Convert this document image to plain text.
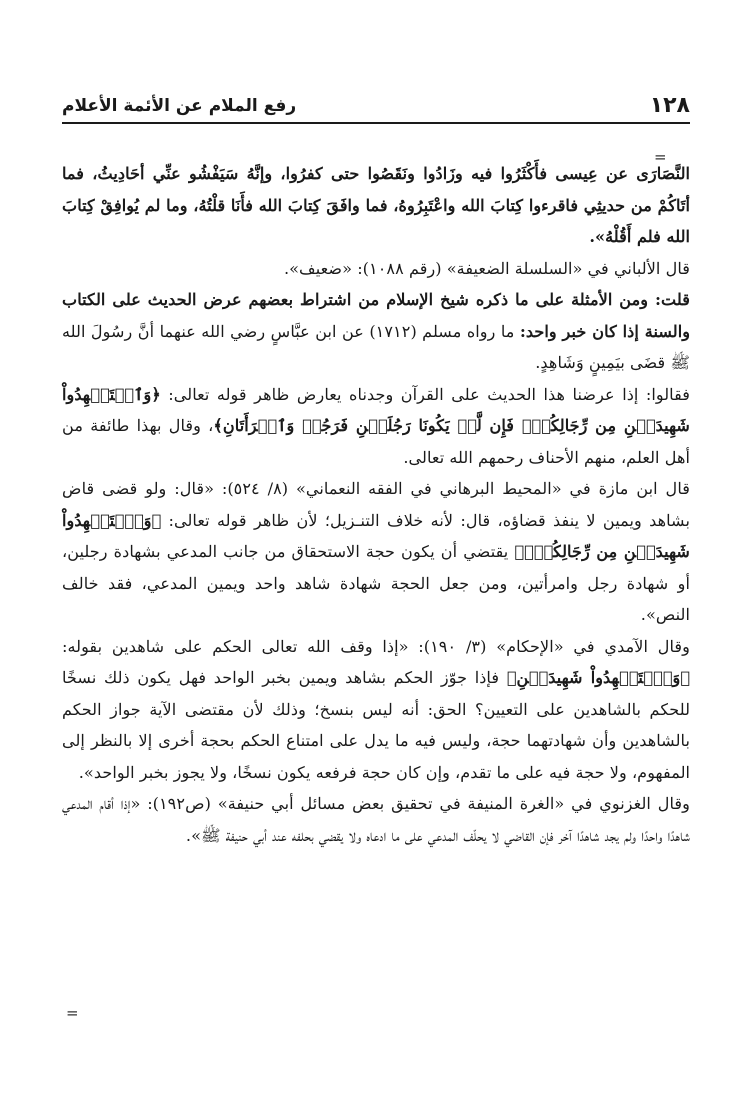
١٢٨
رفع الملام عن الأئمة الأعلام
=

النَّصَارَى عن عِيسى فأَكْثَرُوا فيه وزَادُوا ونَقَصُوا حتى كفرُوا، وإنَّهُ سَيَفْشُو عنِّي أحَادِيثُ، فما أتَاكُمْ من حديثِي فاقرءوا كِتابَ الله واعْتَبِرُوهُ، فما وافَقَ كِتابَ الله فأَنَا قلْتُهُ، وما لم يُوافِقْ كِتابَ الله فلم أَقُلْهُ».

قال الألباني في «السلسلة الضعيفة» (رقم ١٠٨٨): «ضعيف».

قلت: ومن الأمثلة على ما ذكره شيخ الإسلام من اشتراط بعضهم عرض الحديث على الكتاب والسنة إذا كان خبر واحد: ما رواه مسلم (١٧١٢) عن ابن عبَّاسٍ رضي الله عنهما أنَّ رسُولَ الله ﷺ قضَى بيَمِينٍ وَشَاهِدٍ.

فقالوا: إذا عرضنا هذا الحديث على القرآن وجدناه يعارض ظاهر قوله تعالى: ﴿وَٱسۡتَشۡهِدُواْ شَهِيدَيۡنِ مِن رِّجَالِكُمۡۖ فَإِن لَّمۡ يَكُونَا رَجُلَيۡنِ فَرَجُلٞ وَٱمۡرَأَتَانِ﴾، وقال بهذا طائفة من أهل العلم، منهم الأحناف رحمهم الله تعالى.

قال ابن مازة في «المحيط البرهاني في الفقه النعماني» (٨/ ٥٢٤): «قال: ولو قضى قاض بشاهد ويمين لا ينفذ قضاؤه، قال: لأنه خلاف التنـزيل؛ لأن ظاهر قوله تعالى: ﴿وَٱسۡتَشۡهِدُواْ شَهِيدَيۡنِ مِن رِّجَالِكُمۡۖ﴾ يقتضي أن يكون حجة الاستحقاق من جانب المدعي بشهادة رجلين، أو شهادة رجل وامرأتين، ومن جعل الحجة شهادة شاهد واحد ويمين المدعي، فقد خالف النص».

وقال الآمدي في «الإحكام» (٣/ ١٩٠): «إذا وقف الله تعالى الحكم على شاهدين بقوله: ﴿وَٱسۡتَشۡهِدُواْ شَهِيدَيۡنِ﴾ فإذا جوّز الحكم بشاهد ويمين بخبر الواحد فهل يكون ذلك نسخًا للحكم بالشاهدين على التعيين؟ الحق: أنه ليس بنسخ؛ وذلك لأن مقتضى الآية جواز الحكم بالشاهدين وأن شهادتهما حجة، وليس فيه ما يدل على امتناع الحكم بحجة أخرى إلا بالنظر إلى المفهوم، ولا حجة فيه على ما تقدم، وإن كان حجة فرفعه يكون نسخًا، ولا يجوز بخبر الواحد».

وقال الغزنوي في «الغرة المنيفة في تحقيق بعض مسائل أبي حنيفة» (ص١٩٢): «إذا أقام المدعي شاهدًا واحدًا ولم يجد شاهدًا آخر فإن القاضي لا يحلّف المدعي على ما ادعاه ولا يقضي بحلفه عند أبي حنيفة ﷺ».

=
